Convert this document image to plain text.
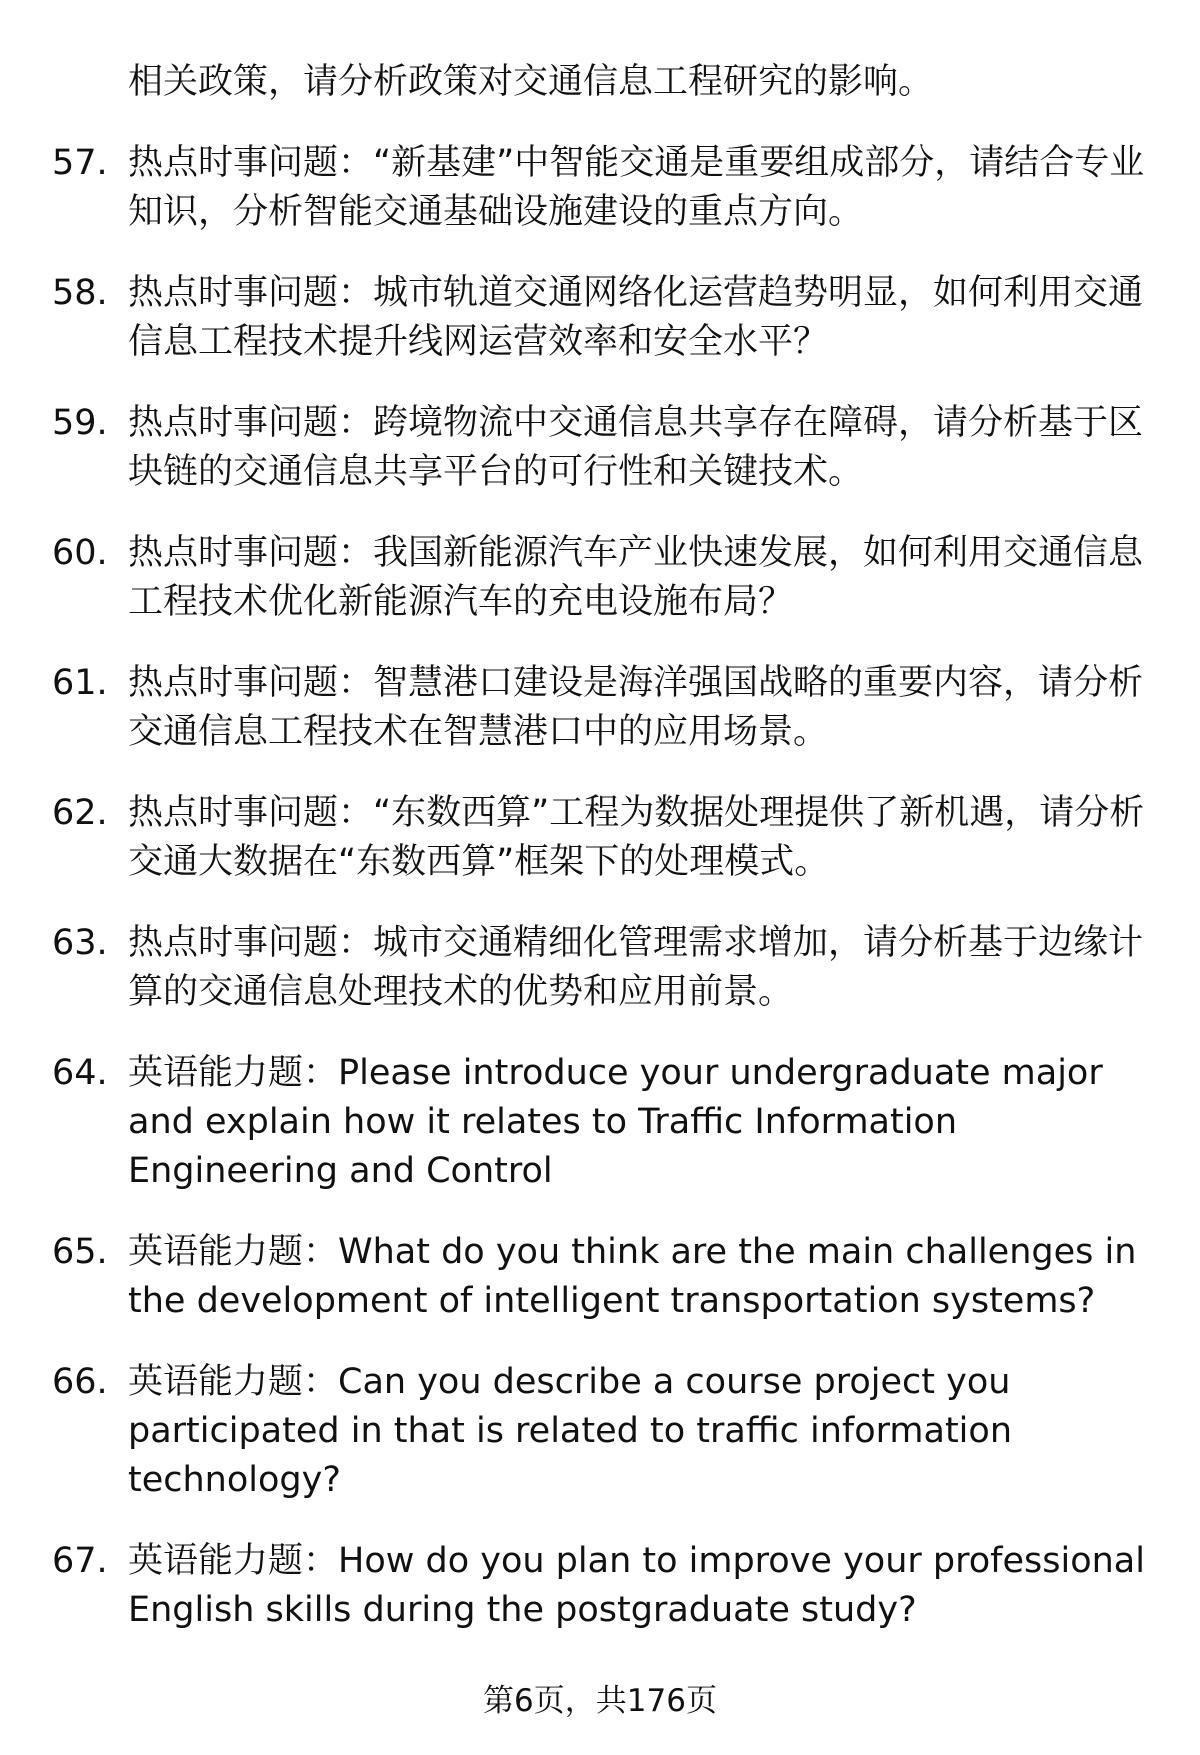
相关政策，请分析政策对交通信息工程研究的影响。
57. 热点时事问题：“新基建”中智能交通是重要组成部分，请结合专业知识，分析智能交通基础设施建设的重点方向。
58. 热点时事问题：城市轨道交通网络化运营趋势明显，如何利用交通信息工程技术提升线网运营效率和安全水平？
59. 热点时事问题：跨境物流中交通信息共享存在障碍，请分析基于区块链的交通信息共享平台的可行性和关键技术。
60. 热点时事问题：我国新能源汽车产业快速发展，如何利用交通信息工程技术优化新能源汽车的充电设施布局？
61. 热点时事问题：智慧港口建设是海洋强国战略的重要内容，请分析交通信息工程技术在智慧港口中的应用场景。
62. 热点时事问题：“东数西算”工程为数据处理提供了新机遇，请分析交通大数据在“东数西算”框架下的处理模式。
63. 热点时事问题：城市交通精细化管理需求增加，请分析基于边缘计算的交通信息处理技术的优势和应用前景。
64. 英语能力题：Please introduce your undergraduate major and explain how it relates to Traffic Information Engineering and Control
65. 英语能力题：What do you think are the main challenges in the development of intelligent transportation systems?
66. 英语能力题：Can you describe a course project you participated in that is related to traffic information technology?
67. 英语能力题：How do you plan to improve your professional English skills during the postgraduate study?
第6页，共176页
